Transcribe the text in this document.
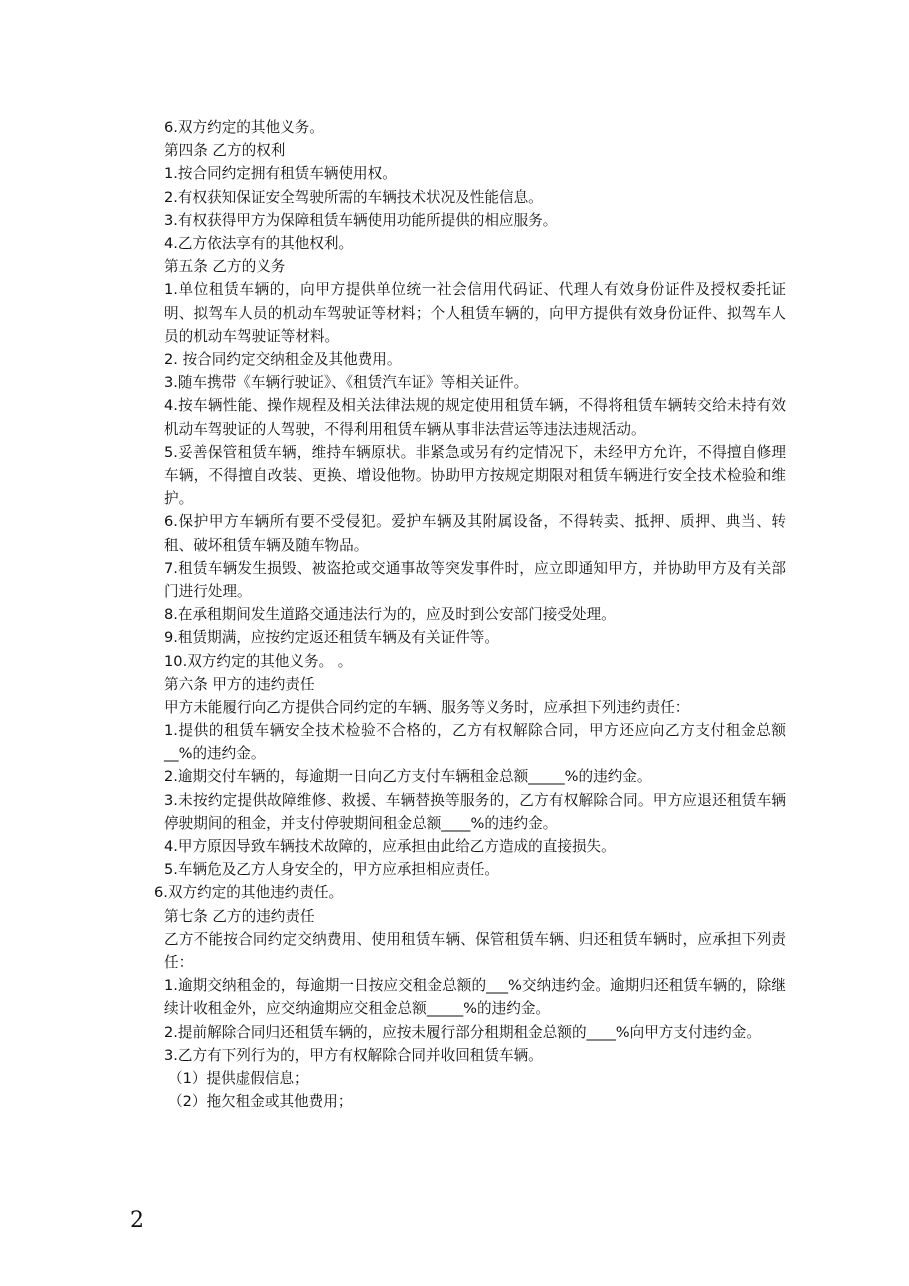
6.双方约定的其他义务。
第四条 乙方的权利
1.按合同约定拥有租赁车辆使用权。
2.有权获知保证安全驾驶所需的车辆技术状况及性能信息。
3.有权获得甲方为保障租赁车辆使用功能所提供的相应服务。
4.乙方依法享有的其他权利。
第五条 乙方的义务
1.单位租赁车辆的，向甲方提供单位统一社会信用代码证、代理人有效身份证件及授权委托证明、拟驾车人员的机动车驾驶证等材料；个人租赁车辆的，向甲方提供有效身份证件、拟驾车人员的机动车驾驶证等材料。
2. 按合同约定交纳租金及其他费用。
3.随车携带《车辆行驶证》、《租赁汽车证》等相关证件。
4.按车辆性能、操作规程及相关法律法规的规定使用租赁车辆，不得将租赁车辆转交给未持有效机动车驾驶证的人驾驶，不得利用租赁车辆从事非法营运等违法违规活动。
5.妥善保管租赁车辆，维持车辆原状。非紧急或另有约定情况下，未经甲方允许，不得擅自修理车辆，不得擅自改装、更换、增设他物。协助甲方按规定期限对租赁车辆进行安全技术检验和维护。
6.保护甲方车辆所有要不受侵犯。爱护车辆及其附属设备，不得转卖、抵押、质押、典当、转租、破坏租赁车辆及随车物品。
7.租赁车辆发生损毁、被盗抢或交通事故等突发事件时，应立即通知甲方，并协助甲方及有关部门进行处理。
8.在承租期间发生道路交通违法行为的，应及时到公安部门接受处理。
9.租赁期满，应按约定返还租赁车辆及有关证件等。
10.双方约定的其他义务。 。
第六条 甲方的违约责任
甲方未能履行向乙方提供合同约定的车辆、服务等义务时，应承担下列违约责任：
1.提供的租赁车辆安全技术检验不合格的，乙方有权解除合同，甲方还应向乙方支付租金总额__%的违约金。
2.逾期交付车辆的，每逾期一日向乙方支付车辆租金总额_____%的违约金。
3.未按约定提供故障维修、救援、车辆替换等服务的，乙方有权解除合同。甲方应退还租赁车辆停驶期间的租金，并支付停驶期间租金总额____%的违约金。
4.甲方原因导致车辆技术故障的，应承担由此给乙方造成的直接损失。
5.车辆危及乙方人身安全的，甲方应承担相应责任。
6.双方约定的其他违约责任。
第七条 乙方的违约责任
乙方不能按合同约定交纳费用、使用租赁车辆、保管租赁车辆、归还租赁车辆时，应承担下列责任：
1.逾期交纳租金的，每逾期一日按应交租金总额的___%交纳违约金。逾期归还租赁车辆的，除继续计收租金外，应交纳逾期应交租金总额_____%的违约金。
2.提前解除合同归还租赁车辆的，应按未履行部分租期租金总额的____%向甲方支付违约金。
3.乙方有下列行为的，甲方有权解除合同并收回租赁车辆。
（1）提供虚假信息；
（2）拖欠租金或其他费用；
2
